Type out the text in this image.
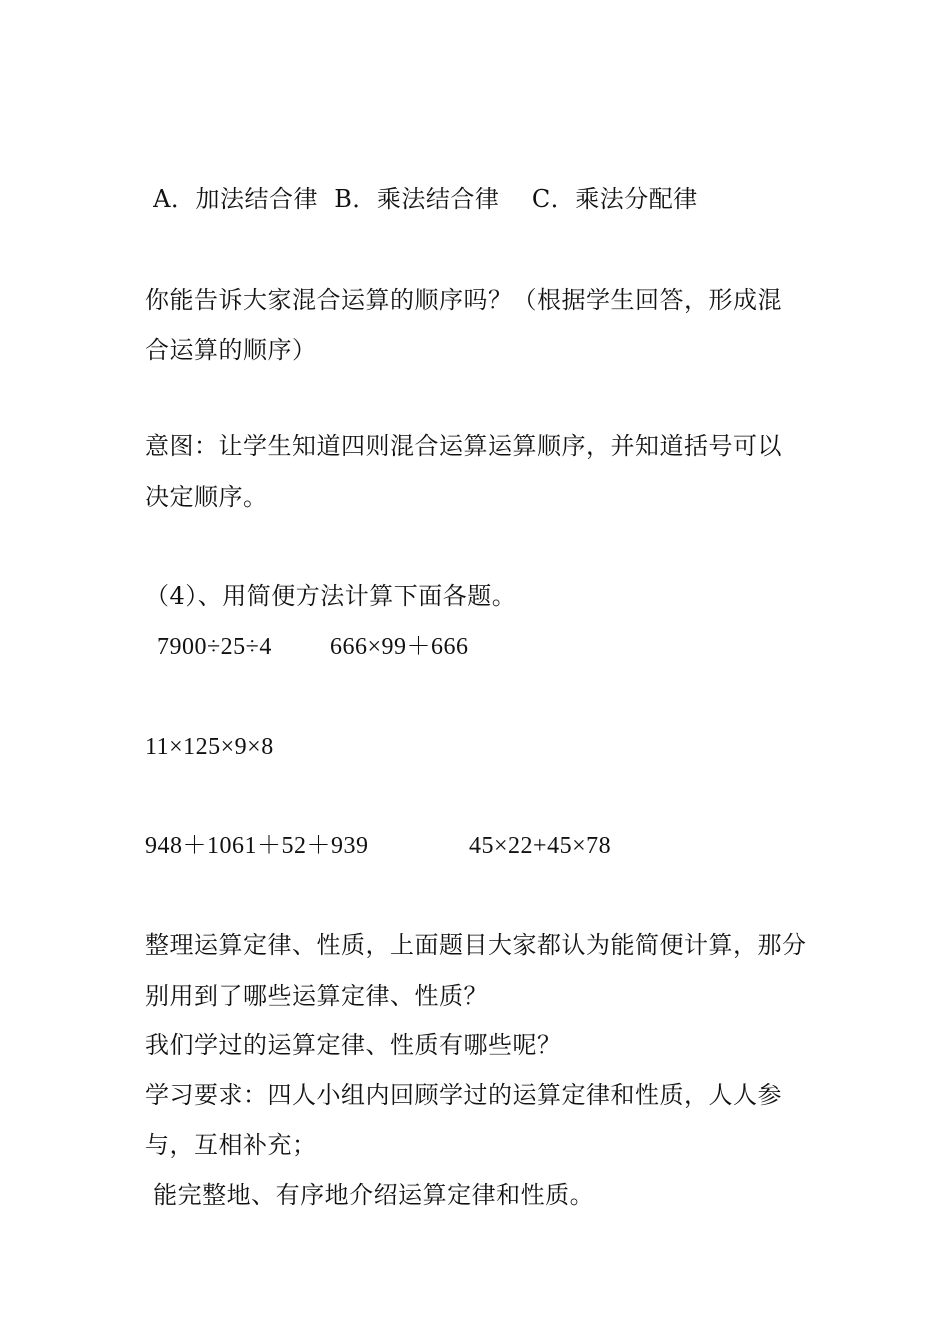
A．加法结合律  B．乘法结合律    C．乘法分配律
你能告诉大家混合运算的顺序吗？（根据学生回答，形成混
合运算的顺序）
意图：让学生知道四则混合运算运算顺序，并知道括号可以
决定顺序。
（4）、用简便方法计算下面各题。
7900÷25÷4 666×99＋666
11×125×9×8
948＋1061＋52＋939	45×22+45×78
整理运算定律、性质，上面题目大家都认为能简便计算，那分
别用到了哪些运算定律、性质？
我们学过的运算定律、性质有哪些呢？
学习要求：四人小组内回顾学过的运算定律和性质，人人参
与，互相补充；
能完整地、有序地介绍运算定律和性质。
